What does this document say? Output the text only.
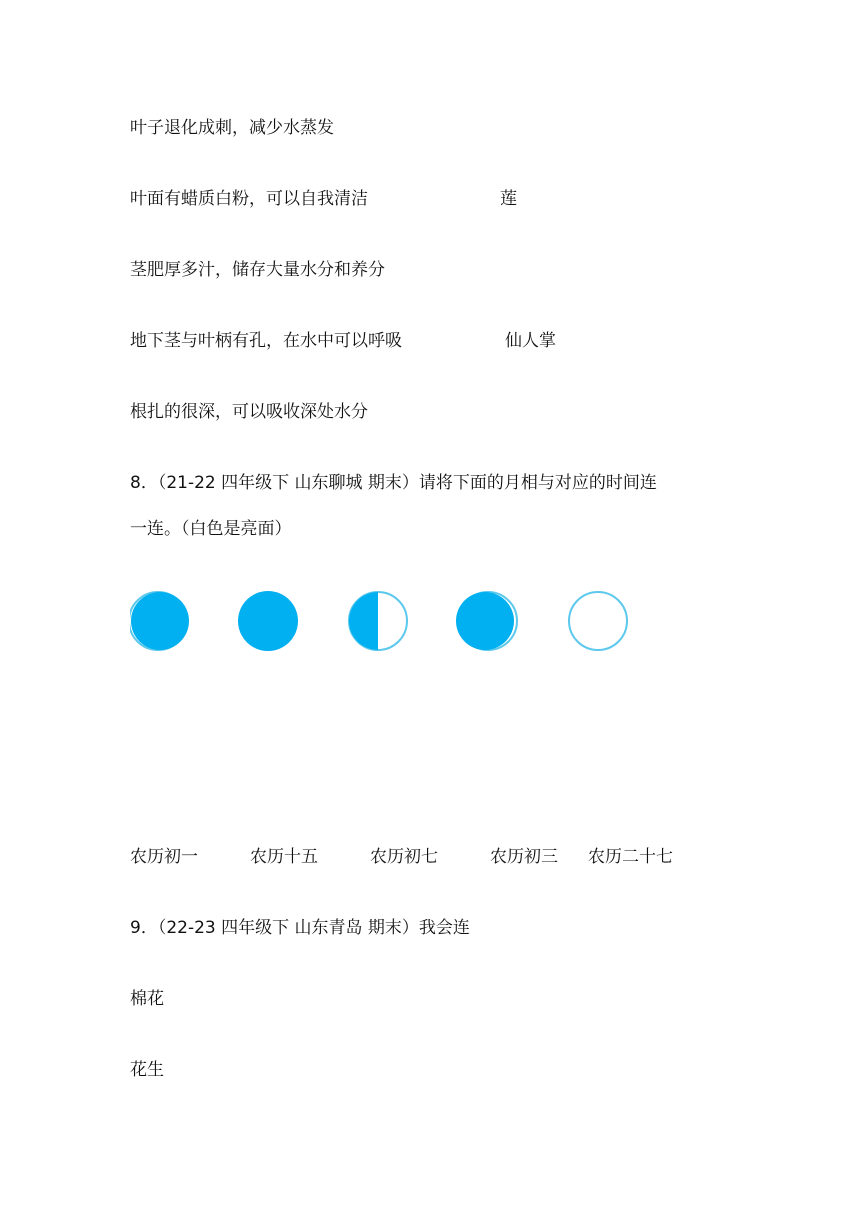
叶子退化成刺，减少水蒸发

叶面有蜡质白粉，可以自我清洁	莲

茎肥厚多汁，储存大量水分和养分

地下茎与叶柄有孔，在水中可以呼吸	仙人掌

根扎的很深，可以吸收深处水分

8．（21-22 四年级下 山东聊城 期末）请将下面的月相与对应的时间连

一连。（白色是亮面）

农历初一	农历十五	农历初七	农历初三 农历二十七

9．（22-23 四年级下 山东青岛 期末）我会连

棉花

花生
